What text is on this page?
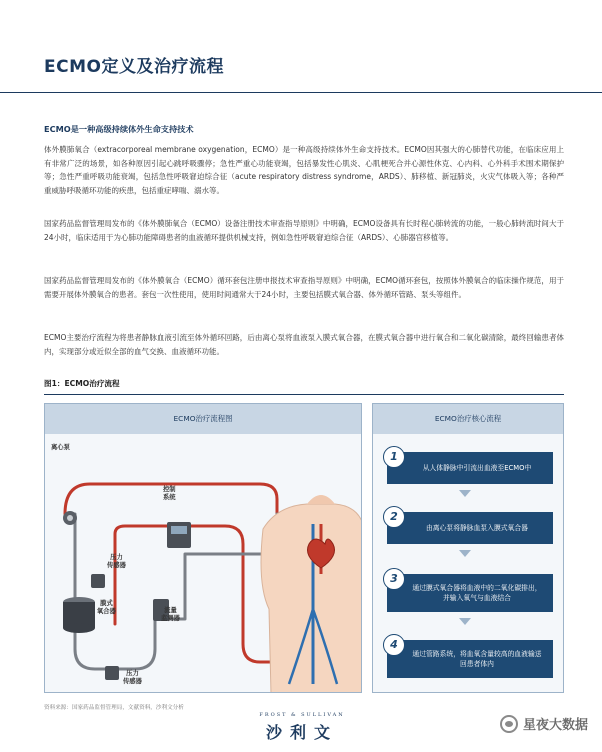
ECMO定义及治疗流程
ECMO是一种高级持续体外生命支持技术

体外膜肺氧合（extracorporeal membrane oxygenation，ECMO）是一种高级持续体外生命支持技术。ECMO因其强大的心肺替代功能，在临床应用上有非常广泛的场景，如各种原因引起心跳呼吸骤停；急性严重心功能衰竭，包括暴发性心肌炎、心肌梗死合并心源性休克、心内科、心外科手术围术期保护等；急性严重呼吸功能衰竭，包括急性呼吸窘迫综合征（acute respiratory distress syndrome，ARDS）、肺移植、新冠肺炎，火灾气体吸入等；各种严重威胁呼吸循环功能的疾患，包括重症哮喘、溺水等。

国家药品监督管理局发布的《体外膜肺氧合（ECMO）设备注册技术审查指导原则》中明确，ECMO设备具有长时程心肺转流的功能，一般心肺转流时间大于24小时，临床适用于为心肺功能障碍患者的血液循环提供机械支持，例如急性呼吸窘迫综合征（ARDS）、心肺器官移植等。

国家药品监督管理局发布的《体外膜氧合（ECMO）循环套包注册申报技术审查指导原则》中明确，ECMO循环套包，按照体外膜氧合的临床操作规范，用于需要开展体外膜氧合的患者。套包一次性使用，使用时间通常大于24小时，主要包括膜式氧合器、体外循环管路、泵头等组件。

ECMO主要治疗流程为将患者静脉血液引流至体外循环回路，后由离心泵将血液泵入膜式氧合器，在膜式氧合器中进行氧合和二氧化碳清除，最终回输患者体内，实现部分或近似全部的血气交换、血液循环功能。

图1：ECMO治疗流程
ECMO治疗流程图
离心泵
控制
系统
压力
传感器
膜式
氧合器	流量
监测器
压力
传感器
ECMO治疗核心流程
1
从人体静脉中引流出血液至ECMO中
2
由离心泵将静脉血泵入膜式氧合器
3
通过膜式氧合器将血液中的二氧化碳排出，并输入氧气与血液结合
4
通过管路系统，将血氧含量较高的血液输送回患者体内
资料来源：国家药品监督管理局，文献资料，沙利文分析
FROST & SULLIVAN
沙利文	星夜大数据
